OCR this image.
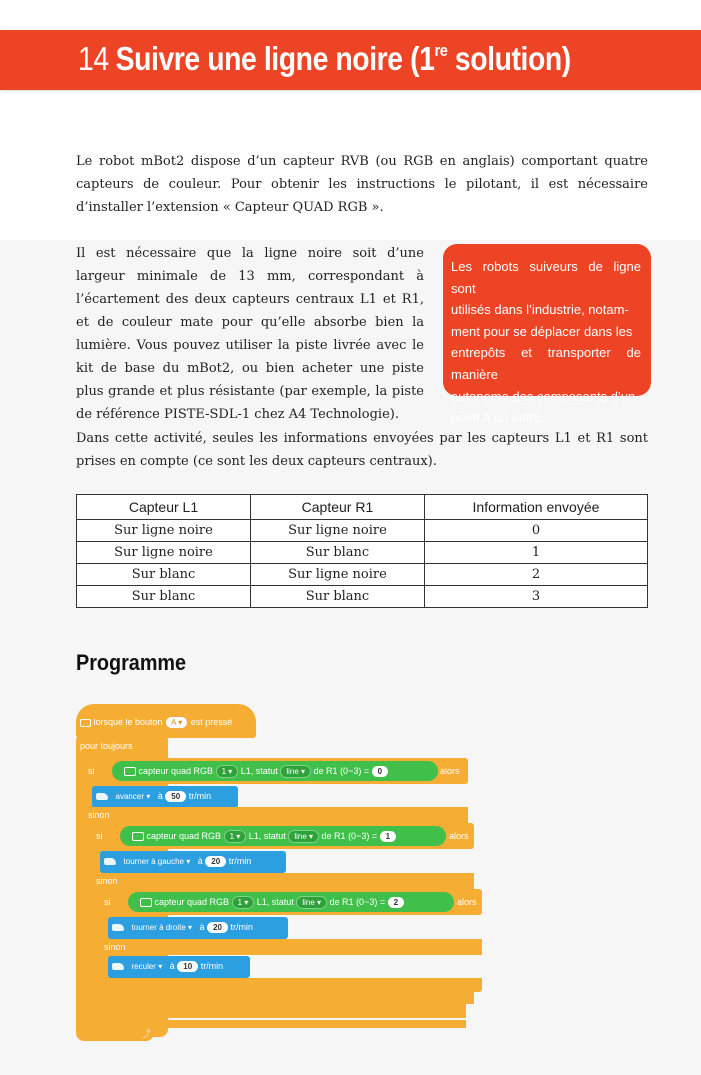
14 Suivre une ligne noire (1re solution)

Le robot mBot2 dispose d’un capteur RVB (ou RGB en anglais) comportant quatre capteurs de couleur. Pour obtenir les instructions le pilotant, il est nécessaire d’installer l’extension « Capteur QUAD RGB ».

Il est nécessaire que la ligne noire soit d’une largeur minimale de 13 mm, correspondant à l’écartement des deux capteurs centraux L1 et R1, et de couleur mate pour qu’elle absorbe bien la lumière. Vous pouvez utiliser la piste livrée avec le kit de base du mBot2, ou bien acheter une piste plus grande et plus résistante (par exemple, la piste de référence PISTE-SDL-1 chez A4 Technologie).

Les robots suiveurs de ligne sont
utilisés dans l’industrie, notam-
ment pour se déplacer dans les
entrepôts et transporter de manière
autonome des composants d’un
point à un autre.

Dans cette activité, seules les informations envoyées par les capteurs L1 et R1 sont prises en compte (ce sont les deux capteurs centraux).

Capteur L1	Capteur R1	Information envoyée
Sur ligne noire	Sur ligne noire	0
Sur ligne noire	Sur blanc	1
Sur blanc	Sur ligne noire	2
Sur blanc	Sur blanc	3
Programme
⤴
lorsque le bouton A ▾ est pressé
pour toujours
si	capteur quad RGB 1 ▾ L1, statut line ▾ de R1 (0~3) = 0	alors
avancer ▾ à 50 tr/min
sinon
si	capteur quad RGB 1 ▾ L1, statut line ▾ de R1 (0~3) = 1	alors
tourner à gauche ▾ à 20 tr/min
sinon
si	capteur quad RGB 1 ▾ L1, statut line ▾ de R1 (0~3) = 2	alors
tourner à droite ▾ à 20 tr/min
sinon
reculer ▾ à 10 tr/min
